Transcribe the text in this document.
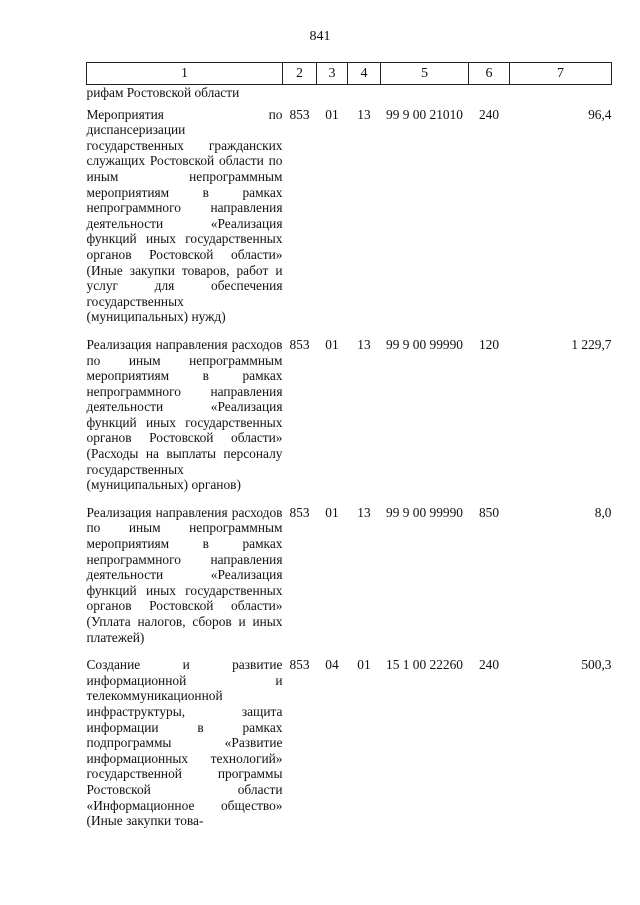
841
1	2	3	4	5	6	7
рифам Ростовской области						
Мероприятия по диспансеризации государственных гражданских служащих Ростовской области по иным непрограммным мероприятиям в рамках непрограммного направления деятельности «Реализация функций иных государственных органов Ростовской области» (Иные закупки товаров, работ и услуг для обеспечения государственных (муниципальных) нужд)	853	01	13	99 9 00 21010	240	96,4
Реализация направления расходов по иным непрограммным мероприятиям в рамках непрограммного направления деятельности «Реализация функций иных государственных органов Ростовской области» (Расходы на выплаты персоналу государственных (муниципальных) органов)	853	01	13	99 9 00 99990	120	1 229,7
Реализация направления расходов по иным непрограммным мероприятиям в рамках непрограммного направления деятельности «Реализация функций иных государственных органов Ростовской области» (Уплата налогов, сборов и иных платежей)	853	01	13	99 9 00 99990	850	8,0
Создание и развитие информационной и телекоммуникационной инфраструктуры, защита информации в рамках подпрограммы «Развитие информационных технологий» государственной программы Ростовской области «Информационное общество» (Иные закупки това-	853	04	01	15 1 00 22260	240	500,3
